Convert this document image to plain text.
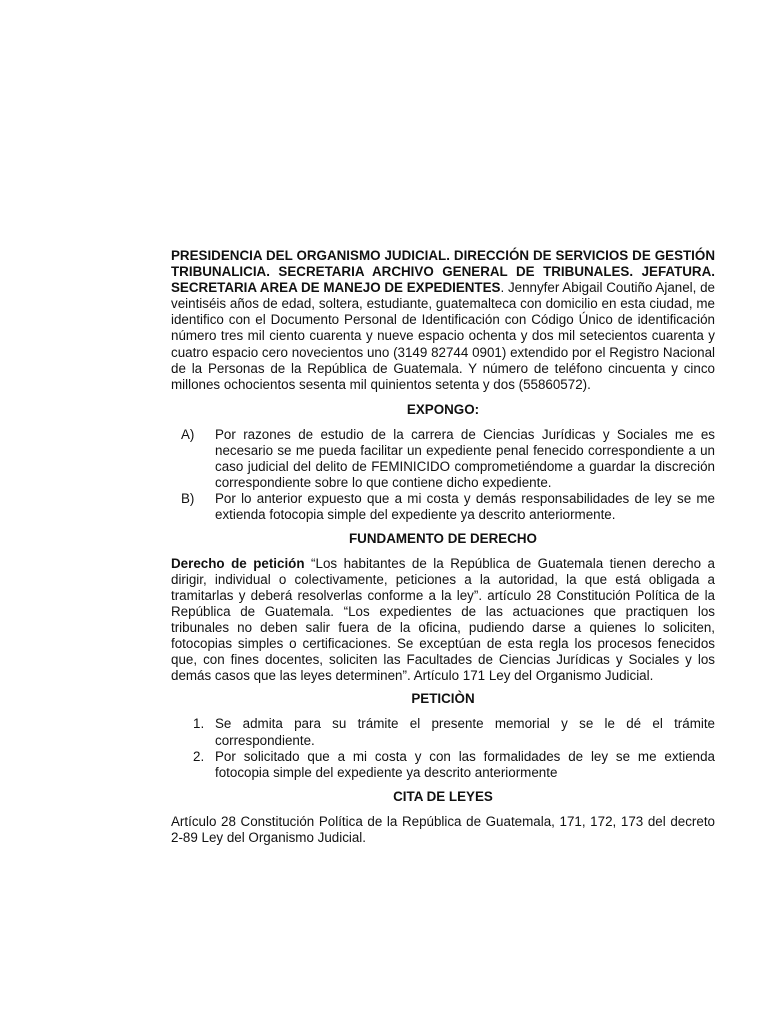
PRESIDENCIA DEL ORGANISMO JUDICIAL. DIRECCIÓN DE SERVICIOS DE GESTIÓN TRIBUNALICIA. SECRETARIA ARCHIVO GENERAL DE TRIBUNALES. JEFATURA. SECRETARIA AREA DE MANEJO DE EXPEDIENTES. Jennyfer Abigail Coutiño Ajanel, de veintiséis años de edad, soltera, estudiante, guatemalteca con domicilio en esta ciudad, me identifico con el Documento Personal de Identificación con Código Único de identificación número tres mil ciento cuarenta y nueve espacio ochenta y dos mil setecientos cuarenta y cuatro espacio cero novecientos uno (3149 82744 0901) extendido por el Registro Nacional de la Personas de la República de Guatemala. Y número de teléfono cincuenta y cinco millones ochocientos sesenta mil quinientos setenta y dos (55860572).

EXPONGO:

A) Por razones de estudio de la carrera de Ciencias Jurídicas y Sociales me es necesario se me pueda facilitar un expediente penal fenecido correspondiente a un caso judicial del delito de FEMINICIDO comprometiéndome a guardar la discreción correspondiente sobre lo que contiene dicho expediente.
B) Por lo anterior expuesto que a mi costa y demás responsabilidades de ley se me extienda fotocopia simple del expediente ya descrito anteriormente.

FUNDAMENTO DE DERECHO

Derecho de petición “Los habitantes de la República de Guatemala tienen derecho a dirigir, individual o colectivamente, peticiones a la autoridad, la que está obligada a tramitarlas y deberá resolverlas conforme a la ley”. artículo 28 Constitución Política de la República de Guatemala. “Los expedientes de las actuaciones que practiquen los tribunales no deben salir fuera de la oficina, pudiendo darse a quienes lo soliciten, fotocopias simples o certificaciones. Se exceptúan de esta regla los procesos fenecidos que, con fines docentes, soliciten las Facultades de Ciencias Jurídicas y Sociales y los demás casos que las leyes determinen”. Artículo 171 Ley del Organismo Judicial.

PETICIÒN

1. Se admita para su trámite el presente memorial y se le dé el trámite correspondiente.
2. Por solicitado que a mi costa y con las formalidades de ley se me extienda fotocopia simple del expediente ya descrito anteriormente

CITA DE LEYES

Artículo 28 Constitución Política de la República de Guatemala, 171, 172, 173 del decreto 2-89 Ley del Organismo Judicial.
